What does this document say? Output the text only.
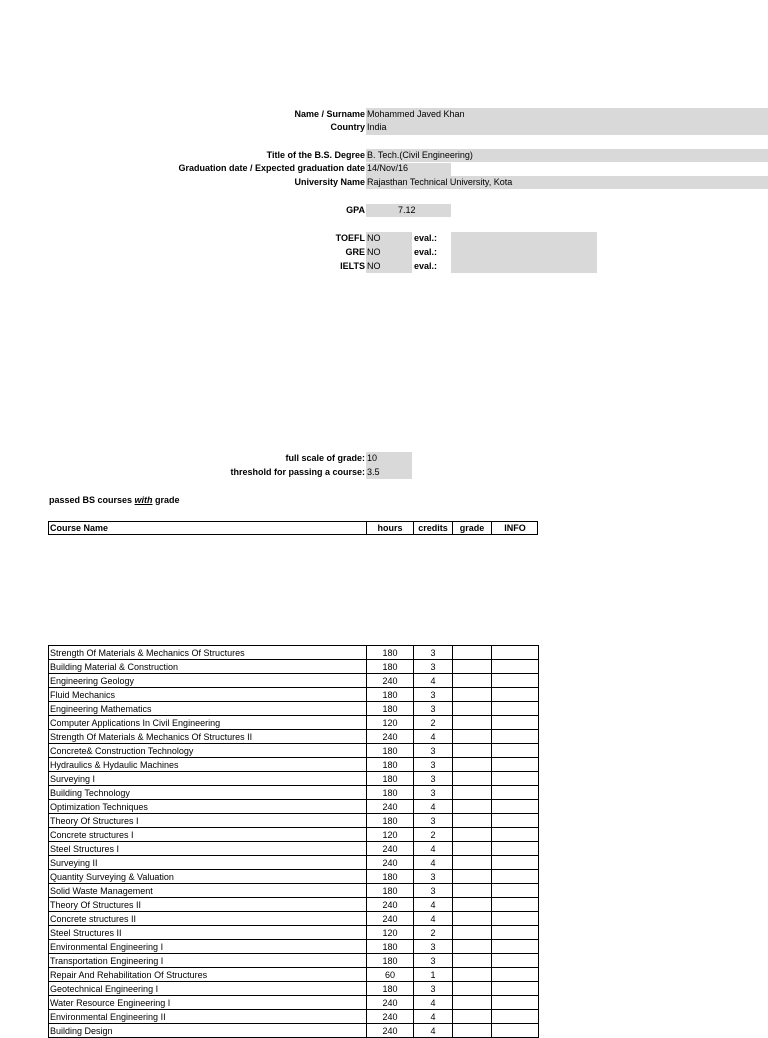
Name / Surname Mohammed Javed Khan
Country India
Title of the B.S. Degree B. Tech.(Civil Engineering)
Graduation date / Expected graduation date 14/Nov/16
University Name Rajasthan Technical University, Kota
GPA	7.12
TOEFL NO	eval.:
GRE NO	eval.:
IELTS NO	eval.:
full scale of grade: 10
threshold for passing a course: 3.5
passed BS courses with grade
Course Name	hours	credits	grade	INFO
Strength Of Materials & Mechanics Of Structures	180	3		
Building Material & Construction	180	3		
Engineering Geology	240	4		
Fluid Mechanics	180	3		
Engineering Mathematics	180	3		
Computer Applications In Civil Engineering	120	2		
Strength Of Materials & Mechanics Of Structures II	240	4		
Concrete& Construction Technology	180	3		
Hydraulics & Hydaulic Machines	180	3		
Surveying I	180	3		
Building Technology	180	3		
Optimization Techniques	240	4		
Theory Of Structures I	180	3		
Concrete structures I	120	2		
Steel Structures I	240	4		
Surveying II	240	4		
Quantity Surveying & Valuation	180	3		
Solid Waste Management	180	3		
Theory Of Structures II	240	4		
Concrete structures II	240	4		
Steel Structures II	120	2		
Environmental Engineering I	180	3		
Transportation Engineering I	180	3		
Repair And Rehabilitation Of Structures	60	1		
Geotechnical Engineering I	180	3		
Water Resource Engineering I	240	4		
Environmental Engineering II	240	4		
Building Design	240	4		
